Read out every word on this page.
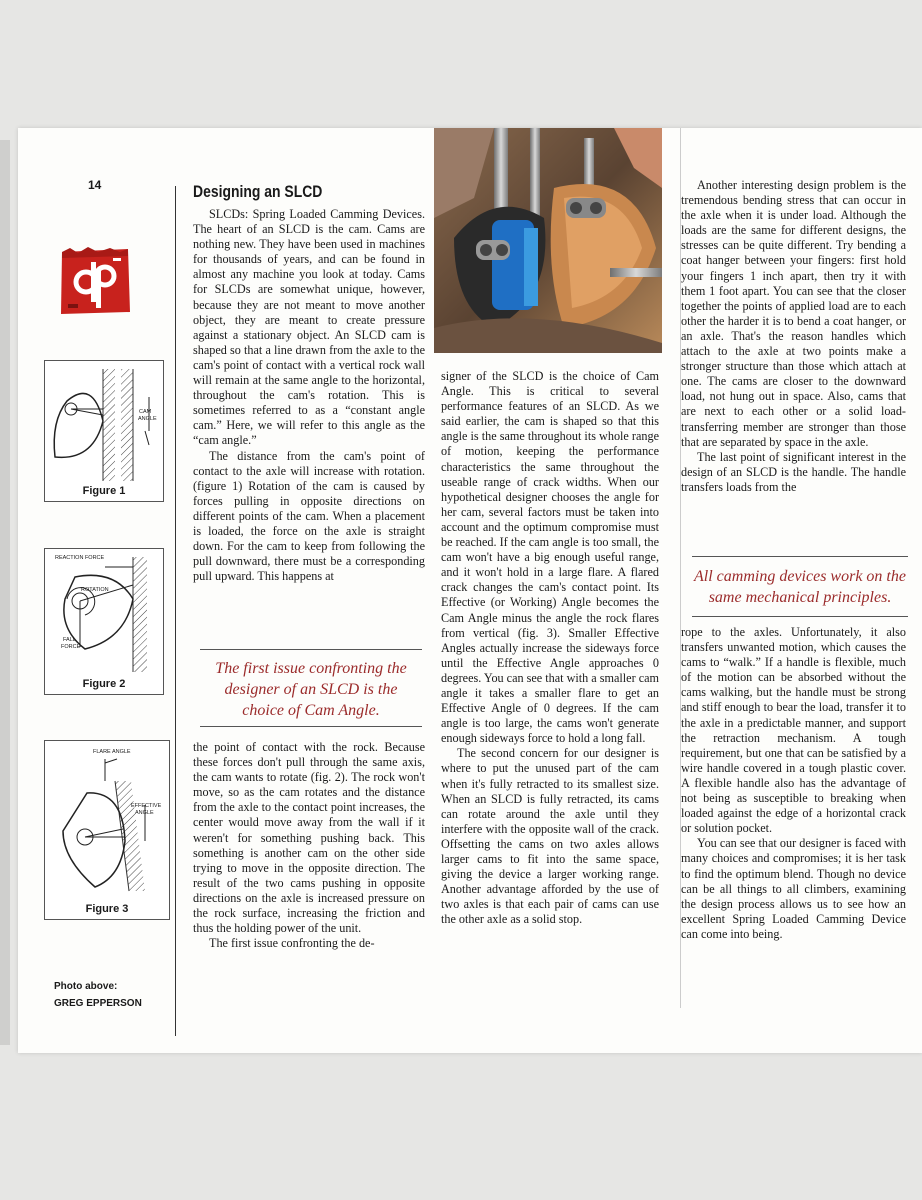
14
CAM
ANGLE
Figure 1
REACTION FORCE
ROTATION
FALL
FORCE
Figure 2
FLARE ANGLE
EFFECTIVE
ANGLE
Figure 3
Photo above:
GREG EPPERSON
Designing an SLCD

SLCDs: Spring Loaded Camming Devices. The heart of an SLCD is the cam. Cams are nothing new. They have been used in machines for thousands of years, and can be found in almost any machine you look at today. Cams for SLCDs are somewhat unique, however, because they are not meant to move another object, they are meant to create pressure against a stationary object. An SLCD cam is shaped so that a line drawn from the axle to the cam's point of contact with a vertical rock wall will remain at the same angle to the horizontal, throughout the cam's rotation. This is sometimes referred to as a “constant angle cam.” Here, we will refer to this angle as the “cam angle.”

The distance from the cam's point of contact to the axle will increase with rotation. (figure 1) Rotation of the cam is caused by forces pulling in opposite directions on different points of the cam. When a placement is loaded, the force on the axle is straight down. For the cam to keep from following the pull downward, there must be a corresponding pull upward. This happens at

The first issue confronting the designer of an SLCD is the choice of Cam Angle.

the point of contact with the rock. Because these forces don't pull through the same axis, the cam wants to rotate (fig. 2). The rock won't move, so as the cam rotates and the distance from the axle to the contact point increases, the center would move away from the wall if it weren't for something pushing back. This something is another cam on the other side trying to move in the opposite direction. The result of the two cams pushing in opposite directions on the axle is increased pressure on the rock surface, increasing the friction and thus the holding power of the unit.

The first issue confronting the de-

signer of the SLCD is the choice of Cam Angle. This is critical to several performance features of an SLCD. As we said earlier, the cam is shaped so that this angle is the same throughout its whole range of motion, keeping the performance characteristics the same throughout the useable range of crack widths. When our hypothetical designer chooses the angle for her cam, several factors must be taken into account and the optimum compromise must be reached. If the cam angle is too small, the cam won't have a big enough useful range, and it won't hold in a large flare. A flared crack changes the cam's contact point. Its Effective (or Working) Angle becomes the Cam Angle minus the angle the rock flares from vertical (fig. 3). Smaller Effective Angles actually increase the sideways force until the Effective Angle approaches 0 degrees. You can see that with a smaller cam angle it takes a smaller flare to get an Effective Angle of 0 degrees. If the cam angle is too large, the cams won't generate enough sideways force to hold a long fall.

The second concern for our designer is where to put the unused part of the cam when it's fully retracted to its smallest size. When an SLCD is fully retracted, its cams can rotate around the axle until they interfere with the opposite wall of the crack. Offsetting the cams on two axles allows larger cams to fit into the same space, giving the device a larger working range. Another advantage afforded by the use of two axles is that each pair of cams can use the other axle as a solid stop.

Another interesting design problem is the tremendous bending stress that can occur in the axle when it is under load. Although the loads are the same for different designs, the stresses can be quite different. Try bending a coat hanger between your fingers: first hold your fingers 1 inch apart, then try it with them 1 foot apart. You can see that the closer together the points of applied load are to each other the harder it is to bend a coat hanger, or an axle. That's the reason handles which attach to the axle at two points make a stronger structure than those which attach at one. The cams are closer to the downward load, not hung out in space. Also, cams that are next to each other or a solid load-transferring member are stronger than those that are separated by space in the axle.

The last point of significant interest in the design of an SLCD is the handle. The handle transfers loads from the

All camming devices work on the same mechanical principles.

rope to the axles. Unfortunately, it also transfers unwanted motion, which causes the cams to “walk.” If a handle is flexible, much of the motion can be absorbed without the cams walking, but the handle must be strong and stiff enough to bear the load, transfer it to the axle in a predictable manner, and support the retraction mechanism. A tough requirement, but one that can be satisfied by a wire handle covered in a tough plastic cover. A flexible handle also has the advantage of not being as susceptible to breaking when loaded against the edge of a horizontal crack or solution pocket.

You can see that our designer is faced with many choices and compromises; it is her task to find the optimum blend. Though no device can be all things to all climbers, examining the design process allows us to see how an excellent Spring Loaded Camming Device can come into being.
